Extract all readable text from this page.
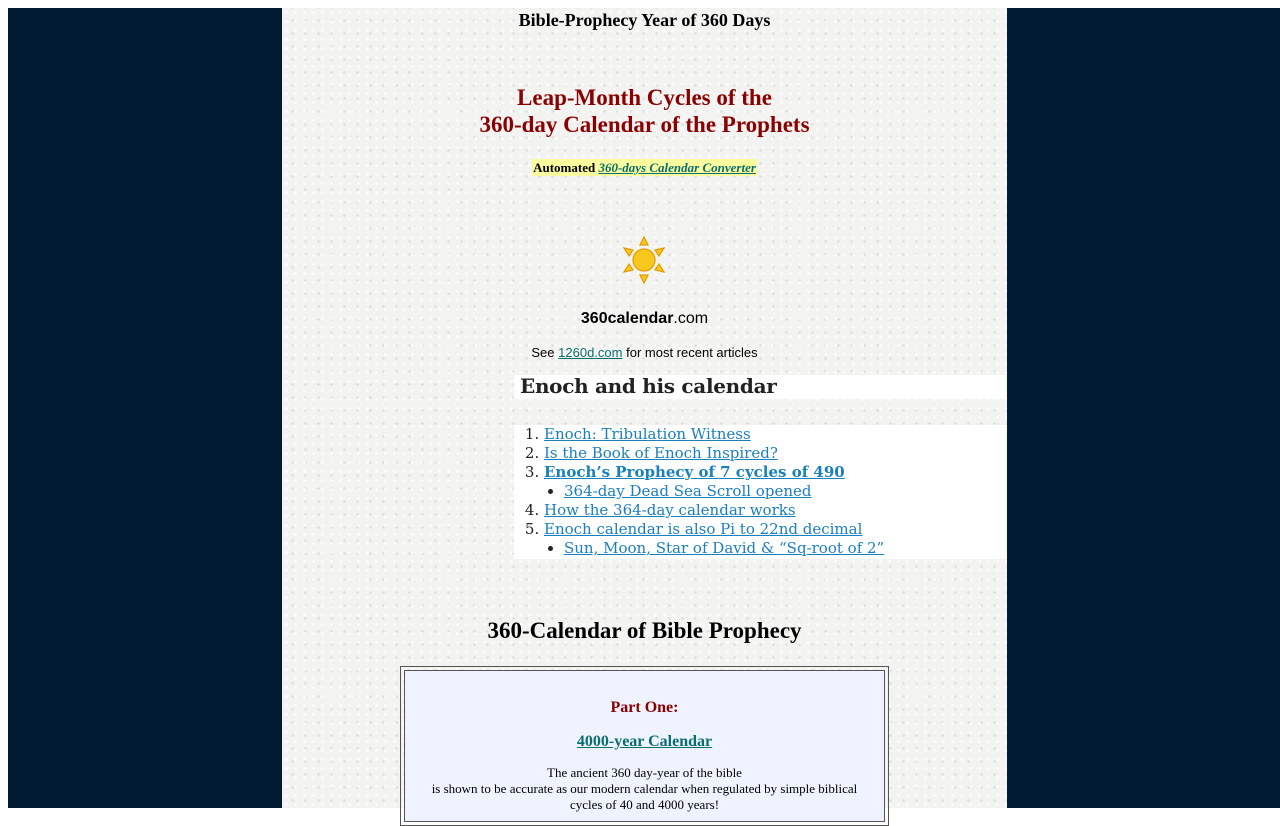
Bible-Prophecy Year of 360 Days
Leap-Month Cycles of the
360-day Calendar of the Prophets
Automated 360-days Calendar Converter
360calendar.com
See 1260d.com for most recent articles
Enoch and his calendar
1. Enoch: Tribulation Witness
2. Is the Book of Enoch Inspired?
3. Enoch’s Prophecy of 7 cycles of 490
• 364-day Dead Sea Scroll opened
4. How the 364-day calendar works
5. Enoch calendar is also Pi to 22nd decimal
• Sun, Moon, Star of David & “Sq-root of 2”
360-Calendar of Bible Prophecy
Part One:
4000-year Calendar
The ancient 360 day-year of the bible
is shown to be accurate as our modern calendar when regulated by simple biblical
cycles of 40 and 4000 years!
